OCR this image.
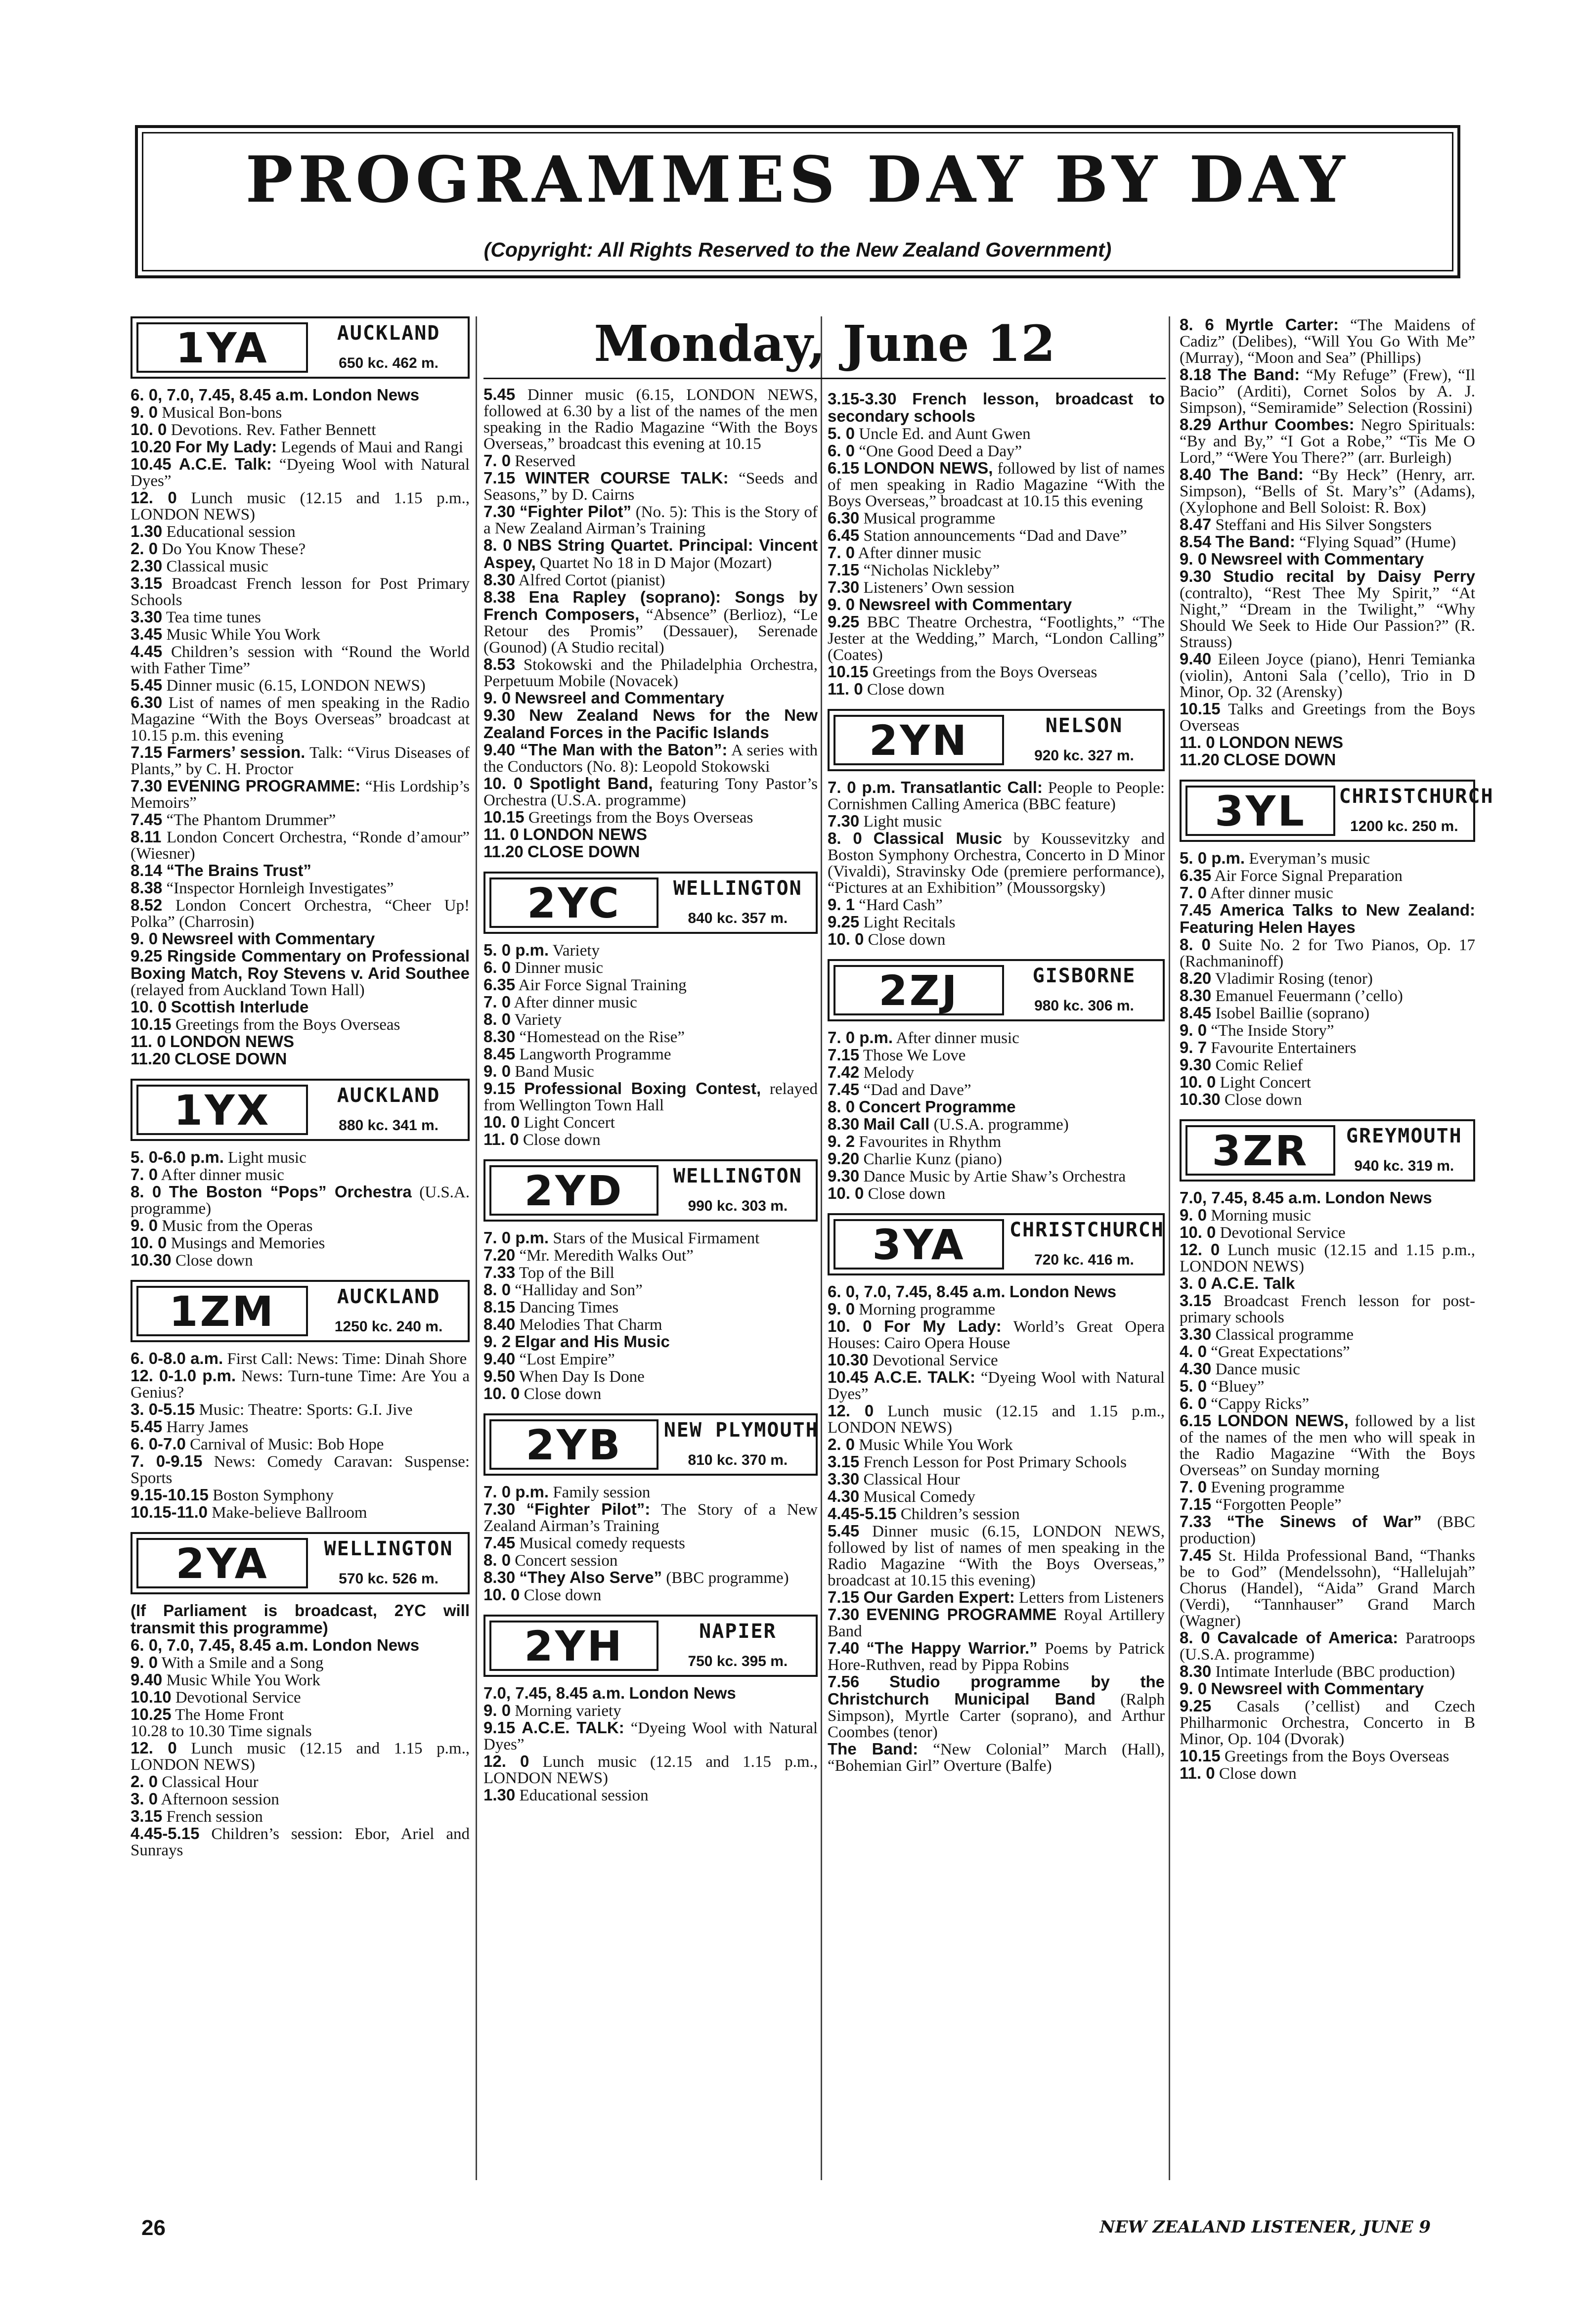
PROGRAMMES DAY BY DAY
(Copyright: All Rights Reserved to the New Zealand Government)
1YA	AUCKLAND
650 kc. 462 m.

6. 0, 7.0, 7.45, 8.45 a.m. London News

9. 0 Musical Bon-bons

10. 0 Devotions. Rev. Father Bennett

10.20 For My Lady: Legends of Maui and Rangi

10.45 A.C.E. Talk: “Dyeing Wool with Natural Dyes”

12. 0 Lunch music (12.15 and 1.15 p.m., LONDON NEWS)

1.30 Educational session

2. 0 Do You Know These?

2.30 Classical music

3.15 Broadcast French lesson for Post Primary Schools

3.30 Tea time tunes

3.45 Music While You Work

4.45 Children’s session with “Round the World with Father Time”

5.45 Dinner music (6.15, LONDON NEWS)

6.30 List of names of men speaking in the Radio Magazine “With the Boys Overseas” broadcast at 10.15 p.m. this evening

7.15 Farmers’ session. Talk: “Virus Diseases of Plants,” by C. H. Proctor

7.30 EVENING PROGRAMME: “His Lordship’s Memoirs”

7.45 “The Phantom Drummer”

8.11 London Concert Orchestra, “Ronde d’amour” (Wiesner)

8.14 “The Brains Trust”

8.38 “Inspector Hornleigh Investigates”

8.52 London Concert Orchestra, “Cheer Up! Polka” (Charrosin)

9. 0 Newsreel with Commentary

9.25 Ringside Commentary on Professional Boxing Match, Roy Stevens v. Arid Southee (relayed from Auckland Town Hall)

10. 0 Scottish Interlude

10.15 Greetings from the Boys Overseas

11. 0 LONDON NEWS

11.20 CLOSE DOWN

1YX	AUCKLAND
880 kc. 341 m.

5. 0-6.0 p.m. Light music

7. 0 After dinner music

8. 0 The Boston “Pops” Orchestra (U.S.A. programme)

9. 0 Music from the Operas

10. 0 Musings and Memories

10.30 Close down

1ZM	AUCKLAND
1250 kc. 240 m.

6. 0-8.0 a.m. First Call: News: Time: Dinah Shore

12. 0-1.0 p.m. News: Turn-tune Time: Are You a Genius?

3. 0-5.15 Music: Theatre: Sports: G.I. Jive

5.45 Harry James

6. 0-7.0 Carnival of Music: Bob Hope

7. 0-9.15 News: Comedy Caravan: Suspense: Sports

9.15-10.15 Boston Symphony

10.15-11.0 Make-believe Ballroom

2YA	WELLINGTON
570 kc. 526 m.

(If Parliament is broadcast, 2YC will transmit this programme)

6. 0, 7.0, 7.45, 8.45 a.m. London News

9. 0 With a Smile and a Song

9.40 Music While You Work

10.10 Devotional Service

10.25 The Home Front

10.28 to 10.30 Time signals

12. 0 Lunch music (12.15 and 1.15 p.m., LONDON NEWS)

2. 0 Classical Hour

3. 0 Afternoon session

3.15 French session

4.45-5.15 Children’s session: Ebor, Ariel and Sunrays

Monday, June 12

5.45 Dinner music (6.15, LONDON NEWS, followed at 6.30 by a list of the names of the men speaking in the Radio Magazine “With the Boys Overseas,” broadcast this evening at 10.15

7. 0 Reserved

7.15 WINTER COURSE TALK: “Seeds and Seasons,” by D. Cairns

7.30 “Fighter Pilot” (No. 5): This is the Story of a New Zealand Airman’s Training

8. 0 NBS String Quartet. Principal: Vincent Aspey, Quartet No 18 in D Major (Mozart)

8.30 Alfred Cortot (pianist)

8.38 Ena Rapley (soprano): Songs by French Composers, “Absence” (Berlioz), “Le Retour des Promis” (Dessauer), Serenade (Gounod) (A Studio recital)

8.53 Stokowski and the Philadelphia Orchestra, Perpetuum Mobile (Novacek)

9. 0 Newsreel and Commentary

9.30 New Zealand News for the New Zealand Forces in the Pacific Islands

9.40 “The Man with the Baton”: A series with the Conductors (No. 8): Leopold Stokowski

10. 0 Spotlight Band, featuring Tony Pastor’s Orchestra (U.S.A. programme)

10.15 Greetings from the Boys Overseas

11. 0 LONDON NEWS

11.20 CLOSE DOWN

2YC	WELLINGTON
840 kc. 357 m.

5. 0 p.m. Variety

6. 0 Dinner music

6.35 Air Force Signal Training

7. 0 After dinner music

8. 0 Variety

8.30 “Homestead on the Rise”

8.45 Langworth Programme

9. 0 Band Music

9.15 Professional Boxing Contest, relayed from Wellington Town Hall

10. 0 Light Concert

11. 0 Close down

2YD	WELLINGTON
990 kc. 303 m.

7. 0 p.m. Stars of the Musical Firmament

7.20 “Mr. Meredith Walks Out”

7.33 Top of the Bill

8. 0 “Halliday and Son”

8.15 Dancing Times

8.40 Melodies That Charm

9. 2 Elgar and His Music

9.40 “Lost Empire”

9.50 When Day Is Done

10. 0 Close down

2YB	NEW PLYMOUTH
810 kc. 370 m.

7. 0 p.m. Family session

7.30 “Fighter Pilot”: The Story of a New Zealand Airman’s Training

7.45 Musical comedy requests

8. 0 Concert session

8.30 “They Also Serve” (BBC programme)

10. 0 Close down

2YH	NAPIER
750 kc. 395 m.

7.0, 7.45, 8.45 a.m. London News

9. 0 Morning variety

9.15 A.C.E. TALK: “Dyeing Wool with Natural Dyes”

12. 0 Lunch music (12.15 and 1.15 p.m., LONDON NEWS)

1.30 Educational session

3.15-3.30 French lesson, broadcast to secondary schools

5. 0 Uncle Ed. and Aunt Gwen

6. 0 “One Good Deed a Day”

6.15 LONDON NEWS, followed by list of names of men speaking in Radio Magazine “With the Boys Overseas,” broadcast at 10.15 this evening

6.30 Musical programme

6.45 Station announcements “Dad and Dave”

7. 0 After dinner music

7.15 “Nicholas Nickleby”

7.30 Listeners’ Own session

9. 0 Newsreel with Commentary

9.25 BBC Theatre Orchestra, “Footlights,” “The Jester at the Wedding,” March, “London Calling” (Coates)

10.15 Greetings from the Boys Overseas

11. 0 Close down

2YN	NELSON
920 kc. 327 m.

7. 0 p.m. Transatlantic Call: People to People: Cornishmen Calling America (BBC feature)

7.30 Light music

8. 0 Classical Music by Koussevitzky and Boston Symphony Orchestra, Concerto in D Minor (Vivaldi), Stravinsky Ode (premiere performance), “Pictures at an Exhibition” (Moussorgsky)

9. 1 “Hard Cash”

9.25 Light Recitals

10. 0 Close down

2ZJ	GISBORNE
980 kc. 306 m.

7. 0 p.m. After dinner music

7.15 Those We Love

7.42 Melody

7.45 “Dad and Dave”

8. 0 Concert Programme

8.30 Mail Call (U.S.A. programme)

9. 2 Favourites in Rhythm

9.20 Charlie Kunz (piano)

9.30 Dance Music by Artie Shaw’s Orchestra

10. 0 Close down

3YA	CHRISTCHURCH
720 kc. 416 m.

6. 0, 7.0, 7.45, 8.45 a.m. London News

9. 0 Morning programme

10. 0 For My Lady: World’s Great Opera Houses: Cairo Opera House

10.30 Devotional Service

10.45 A.C.E. TALK: “Dyeing Wool with Natural Dyes”

12. 0 Lunch music (12.15 and 1.15 p.m., LONDON NEWS)

2. 0 Music While You Work

3.15 French Lesson for Post Primary Schools

3.30 Classical Hour

4.30 Musical Comedy

4.45-5.15 Children’s session

5.45 Dinner music (6.15, LONDON NEWS, followed by list of names of men speaking in the Radio Magazine “With the Boys Overseas,” broadcast at 10.15 this evening)

7.15 Our Garden Expert: Letters from Listeners

7.30 EVENING PROGRAMME Royal Artillery Band

7.40 “The Happy Warrior.” Poems by Patrick Hore-Ruthven, read by Pippa Robins

7.56 Studio programme by the Christchurch Municipal Band (Ralph Simpson), Myrtle Carter (soprano), and Arthur Coombes (tenor)

The Band: “New Colonial” March (Hall), “Bohemian Girl” Overture (Balfe)

8. 6 Myrtle Carter: “The Maidens of Cadiz” (Delibes), “Will You Go With Me” (Murray), “Moon and Sea” (Phillips)

8.18 The Band: “My Refuge” (Frew), “Il Bacio” (Arditi), Cornet Solos by A. J. Simpson), “Semiramide” Selection (Rossini)

8.29 Arthur Coombes: Negro Spirituals: “By and By,” “I Got a Robe,” “Tis Me O Lord,” “Were You There?” (arr. Burleigh)

8.40 The Band: “By Heck” (Henry, arr. Simpson), “Bells of St. Mary’s” (Adams), (Xylophone and Bell Soloist: R. Box)

8.47 Steffani and His Silver Songsters

8.54 The Band: “Flying Squad” (Hume)

9. 0 Newsreel with Commentary

9.30 Studio recital by Daisy Perry (contralto), “Rest Thee My Spirit,” “At Night,” “Dream in the Twilight,” “Why Should We Seek to Hide Our Passion?” (R. Strauss)

9.40 Eileen Joyce (piano), Henri Temianka (violin), Antoni Sala (’cello), Trio in D Minor, Op. 32 (Arensky)

10.15 Talks and Greetings from the Boys Overseas

11. 0 LONDON NEWS

11.20 CLOSE DOWN

3YL	CHRISTCHURCH
1200 kc. 250 m.

5. 0 p.m. Everyman’s music

6.35 Air Force Signal Preparation

7. 0 After dinner music

7.45 America Talks to New Zealand: Featuring Helen Hayes

8. 0 Suite No. 2 for Two Pianos, Op. 17 (Rachmaninoff)

8.20 Vladimir Rosing (tenor)

8.30 Emanuel Feuermann (’cello)

8.45 Isobel Baillie (soprano)

9. 0 “The Inside Story”

9. 7 Favourite Entertainers

9.30 Comic Relief

10. 0 Light Concert

10.30 Close down

3ZR	GREYMOUTH
940 kc. 319 m.

7.0, 7.45, 8.45 a.m. London News

9. 0 Morning music

10. 0 Devotional Service

12. 0 Lunch music (12.15 and 1.15 p.m., LONDON NEWS)

3. 0 A.C.E. Talk

3.15 Broadcast French lesson for post-primary schools

3.30 Classical programme

4. 0 “Great Expectations”

4.30 Dance music

5. 0 “Bluey”

6. 0 “Cappy Ricks”

6.15 LONDON NEWS, followed by a list of the names of the men who will speak in the Radio Magazine “With the Boys Overseas” on Sunday morning

7. 0 Evening programme

7.15 “Forgotten People”

7.33 “The Sinews of War” (BBC production)

7.45 St. Hilda Professional Band, “Thanks be to God” (Mendelssohn), “Hallelujah” Chorus (Handel), “Aida” Grand March (Verdi), “Tannhauser” Grand March (Wagner)

8. 0 Cavalcade of America: Paratroops (U.S.A. programme)

8.30 Intimate Interlude (BBC production)

9. 0 Newsreel with Commentary

9.25 Casals (’cellist) and Czech Philharmonic Orchestra, Concerto in B Minor, Op. 104 (Dvorak)

10.15 Greetings from the Boys Overseas

11. 0 Close down

26	NEW ZEALAND LISTENER, JUNE 9
